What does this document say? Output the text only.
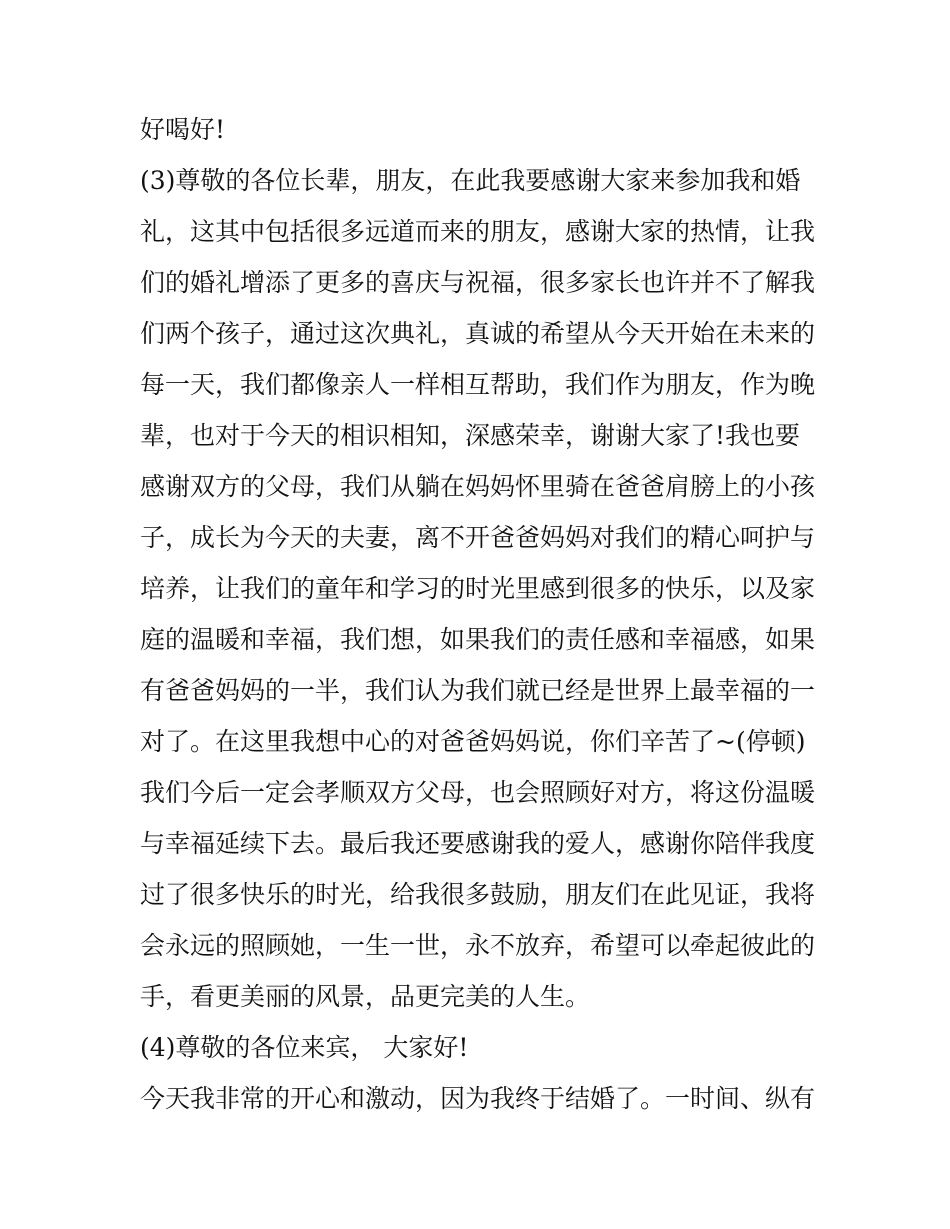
好喝好!
(3)尊敬的各位长辈，朋友，在此我要感谢大家来参加我和婚
礼，这其中包括很多远道而来的朋友，感谢大家的热情，让我
们的婚礼增添了更多的喜庆与祝福，很多家长也许并不了解我
们两个孩子，通过这次典礼，真诚的希望从今天开始在未来的
每一天，我们都像亲人一样相互帮助，我们作为朋友，作为晚
辈，也对于今天的相识相知，深感荣幸，谢谢大家了!我也要
感谢双方的父母，我们从躺在妈妈怀里骑在爸爸肩膀上的小孩
子，成长为今天的夫妻，离不开爸爸妈妈对我们的精心呵护与
培养，让我们的童年和学习的时光里感到很多的快乐，以及家
庭的温暖和幸福，我们想，如果我们的责任感和幸福感，如果
有爸爸妈妈的一半，我们认为我们就已经是世界上最幸福的一
对了。在这里我想中心的对爸爸妈妈说，你们辛苦了~(停顿)
我们今后一定会孝顺双方父母，也会照顾好对方，将这份温暖
与幸福延续下去。最后我还要感谢我的爱人，感谢你陪伴我度
过了很多快乐的时光，给我很多鼓励，朋友们在此见证，我将
会永远的照顾她，一生一世，永不放弃，希望可以牵起彼此的
手，看更美丽的风景，品更完美的人生。
(4)尊敬的各位来宾， 大家好!
今天我非常的开心和激动，因为我终于结婚了。一时间、纵有
